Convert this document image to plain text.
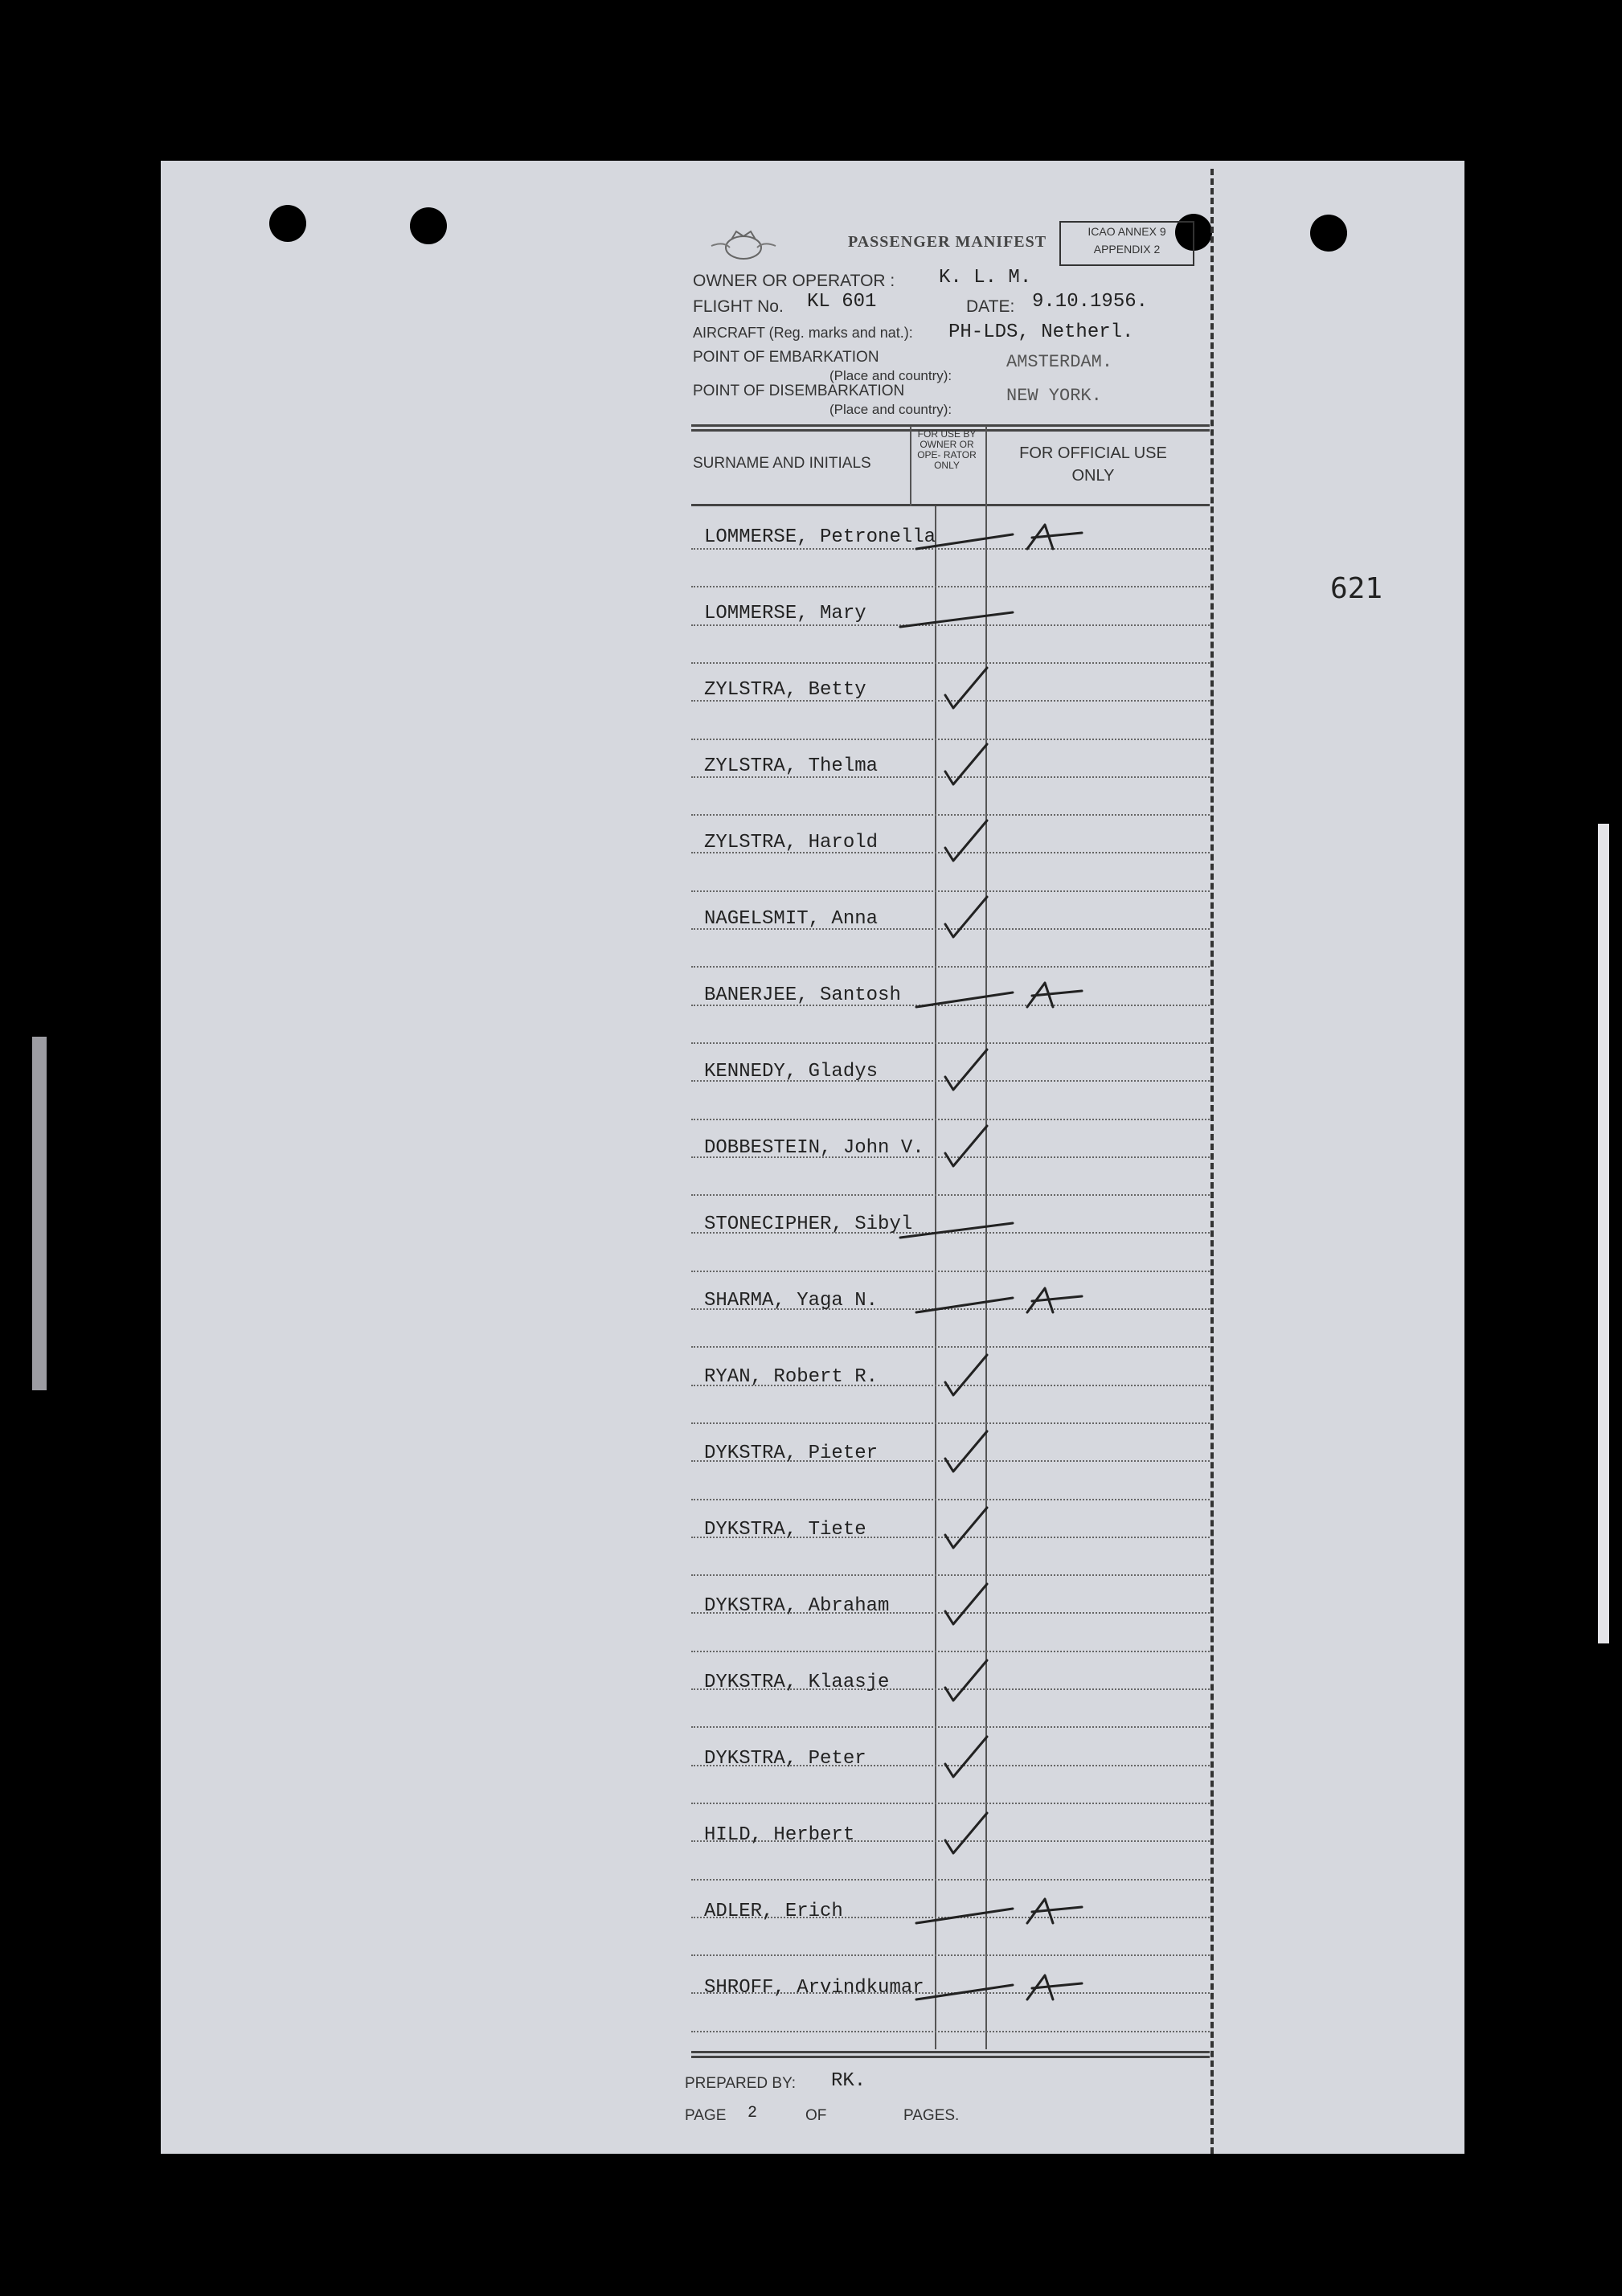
PASSENGER MANIFEST
ICAO ANNEX 9
APPENDIX 2
OWNER OR OPERATOR : K. L. M.
FLIGHT No. KL 601	DATE: 9.10.1956.
AIRCRAFT (Reg. marks and nat.): PH-LDS, Netherl.
POINT OF EMBARKATION
(Place and country):
AMSTERDAM.
POINT OF DISEMBARKATION
(Place and country):
NEW YORK.
SURNAME AND INITIALS
FOR USE BY OWNER OR OPE- RATOR ONLY
FOR OFFICIAL USE ONLY
LOMMERSE, Petronella
LOMMERSE, Mary
ZYLSTRA, Betty
ZYLSTRA, Thelma
ZYLSTRA, Harold
NAGELSMIT, Anna
BANERJEE, Santosh
KENNEDY, Gladys
DOBBESTEIN, John V.
STONECIPHER, Sibyl
SHARMA, Yaga N.
RYAN, Robert R.
DYKSTRA, Pieter
DYKSTRA, Tiete
DYKSTRA, Abraham
DYKSTRA, Klaasje
DYKSTRA, Peter
HILD, Herbert
ADLER, Erich
SHROFF, Arvindkumar
PREPARED BY: RK.
PAGE 2	OF	PAGES.
621
